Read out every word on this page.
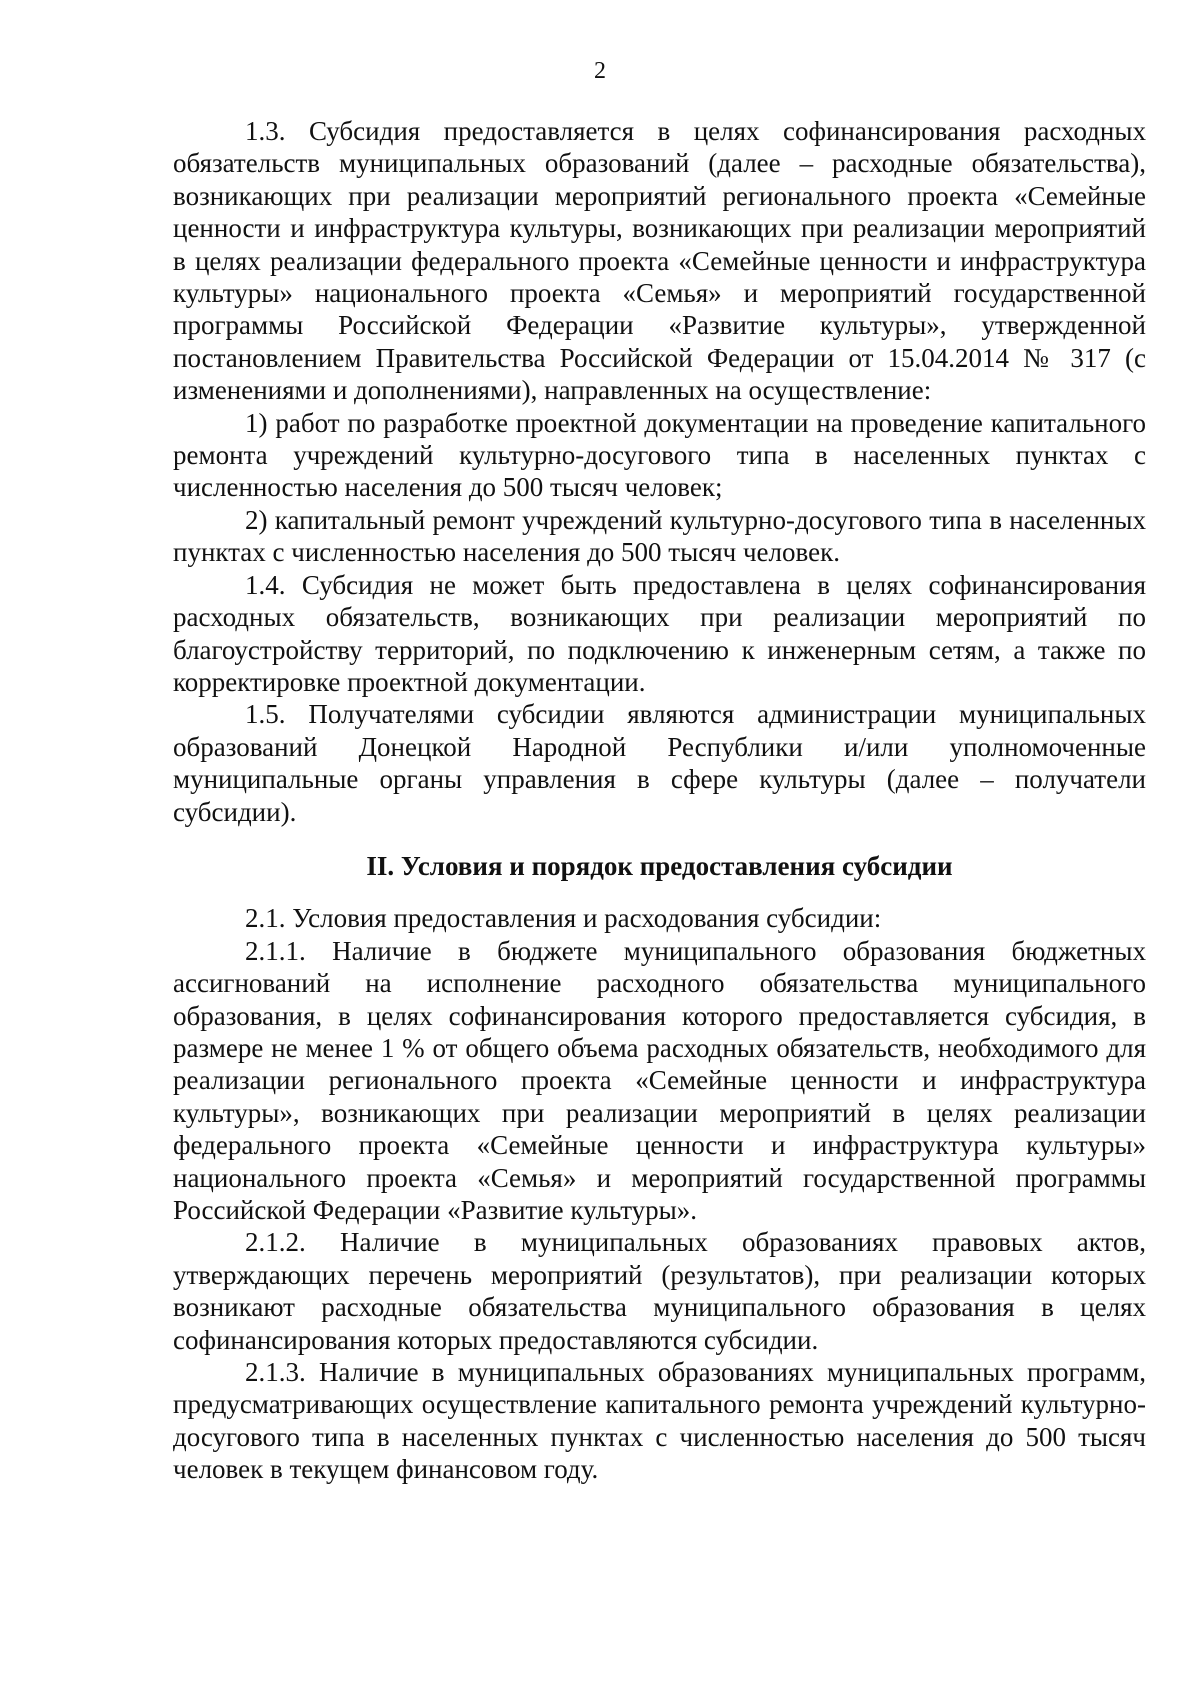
2

1.3. Субсидия предоставляется в целях софинансирования расходных обязательств муниципальных образований (далее – расходные обязательства), возникающих при реализации мероприятий регионального проекта «Семейные ценности и инфраструктура культуры, возникающих при реализации мероприятий в целях реализации федерального проекта «Семейные ценности и инфраструктура культуры» национального проекта «Семья» и мероприятий государственной программы Российской Федерации «Развитие культуры», утвержденной постановлением Правительства Российской Федерации от 15.04.2014 № 317 (с изменениями и дополнениями), направленных на осуществление:

1) работ по разработке проектной документации на проведение капитального ремонта учреждений культурно-досугового типа в населенных пунктах с численностью населения до 500 тысяч человек;

2) капитальный ремонт учреждений культурно-досугового типа в населенных пунктах с численностью населения до 500 тысяч человек.

1.4. Субсидия не может быть предоставлена в целях софинансирования расходных обязательств, возникающих при реализации мероприятий по благоустройству территорий, по подключению к инженерным сетям, а также по корректировке проектной документации.

1.5. Получателями субсидии являются администрации муниципальных образований Донецкой Народной Республики и/или уполномоченные муниципальные органы управления в сфере культуры (далее – получатели субсидии).

II. Условия и порядок предоставления субсидии

2.1. Условия предоставления и расходования субсидии:

2.1.1. Наличие в бюджете муниципального образования бюджетных ассигнований на исполнение расходного обязательства муниципального образования, в целях софинансирования которого предоставляется субсидия, в размере не менее 1 % от общего объема расходных обязательств, необходимого для реализации регионального проекта «Семейные ценности и инфраструктура культуры», возникающих при реализации мероприятий в целях реализации федерального проекта «Семейные ценности и инфраструктура культуры» национального проекта «Семья» и мероприятий государственной программы Российской Федерации «Развитие культуры».

2.1.2. Наличие в муниципальных образованиях правовых актов, утверждающих перечень мероприятий (результатов), при реализации которых возникают расходные обязательства муниципального образования в целях софинансирования которых предоставляются субсидии.

2.1.3. Наличие в муниципальных образованиях муниципальных программ, предусматривающих осуществление капитального ремонта учреждений культурно-досугового типа в населенных пунктах с численностью населения до 500 тысяч человек в текущем финансовом году.
